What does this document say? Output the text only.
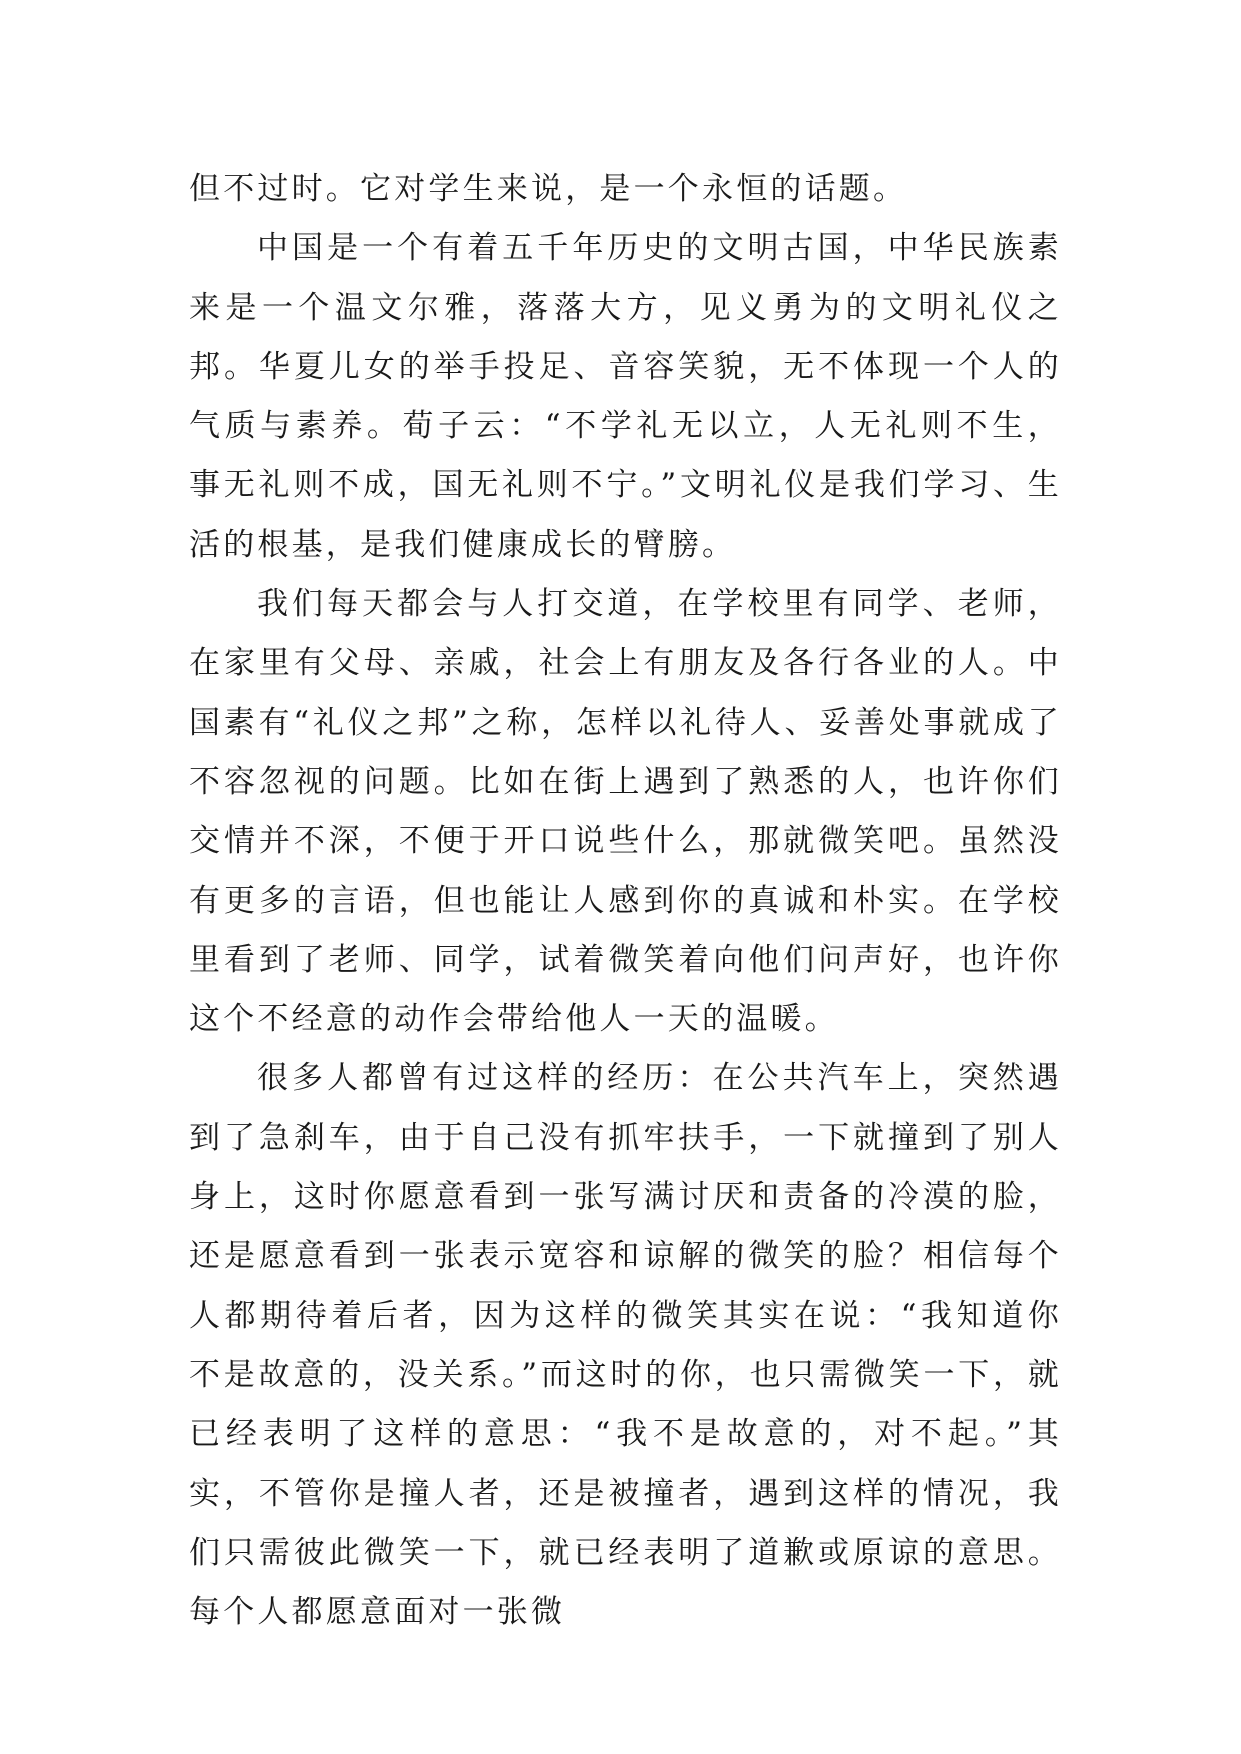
但不过时。它对学生来说，是一个永恒的话题。

中国是一个有着五千年历史的文明古国，中华民族素来是一个温文尔雅，落落大方，见义勇为的文明礼仪之邦。华夏儿女的举手投足、音容笑貌，无不体现一个人的气质与素养。荀子云：“不学礼无以立，人无礼则不生，事无礼则不成，国无礼则不宁。”文明礼仪是我们学习、生活的根基，是我们健康成长的臂膀。

我们每天都会与人打交道，在学校里有同学、老师，在家里有父母、亲戚，社会上有朋友及各行各业的人。中国素有“礼仪之邦”之称，怎样以礼待人、妥善处事就成了不容忽视的问题。比如在街上遇到了熟悉的人，也许你们交情并不深，不便于开口说些什么，那就微笑吧。虽然没有更多的言语，但也能让人感到你的真诚和朴实。在学校里看到了老师、同学，试着微笑着向他们问声好，也许你这个不经意的动作会带给他人一天的温暖。

很多人都曾有过这样的经历：在公共汽车上，突然遇到了急刹车，由于自己没有抓牢扶手，一下就撞到了别人身上，这时你愿意看到一张写满讨厌和责备的冷漠的脸，还是愿意看到一张表示宽容和谅解的微笑的脸？相信每个人都期待着后者，因为这样的微笑其实在说：“我知道你不是故意的，没关系。”而这时的你，也只需微笑一下，就已经表明了这样的意思：“我不是故意的，对不起。”其实，不管你是撞人者，还是被撞者，遇到这样的情况，我们只需彼此微笑一下，就已经表明了道歉或原谅的意思。每个人都愿意面对一张微
